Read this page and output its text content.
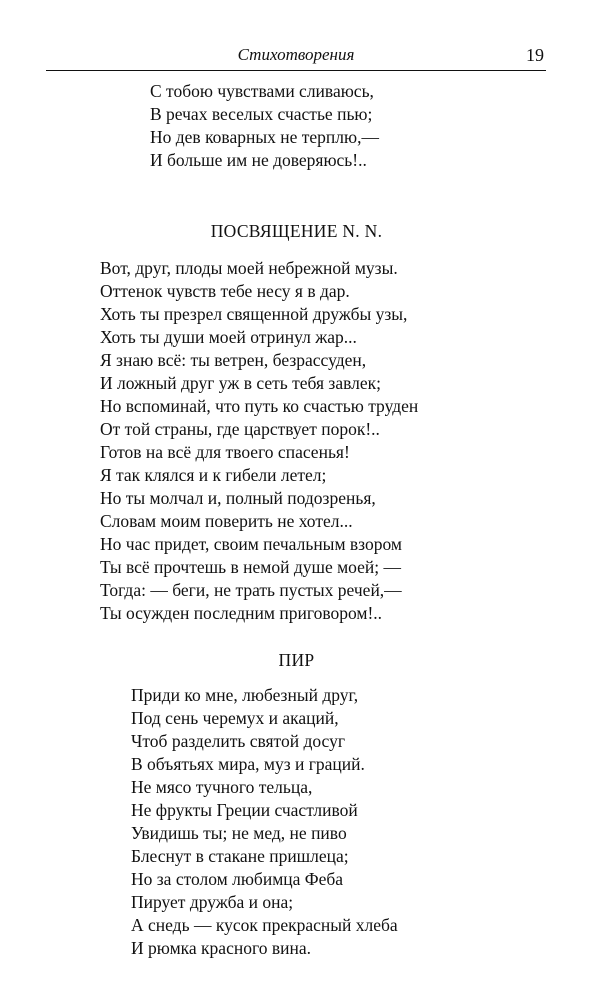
Стихотворения	19
С тобою чувствами сливаюсь,
В речах веселых счастье пью;
Но дев коварных не терплю,—
И больше им не доверяюсь!..
ПОСВЯЩЕНИЕ N. N.
Вот, друг, плоды моей небрежной музы.
Оттенок чувств тебе несу я в дар.
Хоть ты презрел священной дружбы узы,
Хоть ты души моей отринул жар...
Я знаю всё: ты ветрен, безрассуден,
И ложный друг уж в сеть тебя завлек;
Но вспоминай, что путь ко счастью труден
От той страны, где царствует порок!..
Готов на всё для твоего спасенья!
Я так клялся и к гибели летел;
Но ты молчал и, полный подозренья,
Словам моим поверить не хотел...
Но час придет, своим печальным взором
Ты всё прочтешь в немой душе моей; —
Тогда: — беги, не трать пустых речей,—
Ты осужден последним приговором!..
ПИР
Приди ко мне, любезный друг,
Под сень черемух и акаций,
Чтоб разделить святой досуг
В объятьях мира, муз и граций.
Не мясо тучного тельца,
Не фрукты Греции счастливой
Увидишь ты; не мед, не пиво
Блеснут в стакане пришлеца;
Но за столом любимца Феба
Пирует дружба и она;
А снедь — кусок прекрасный хлеба
И рюмка красного вина.
